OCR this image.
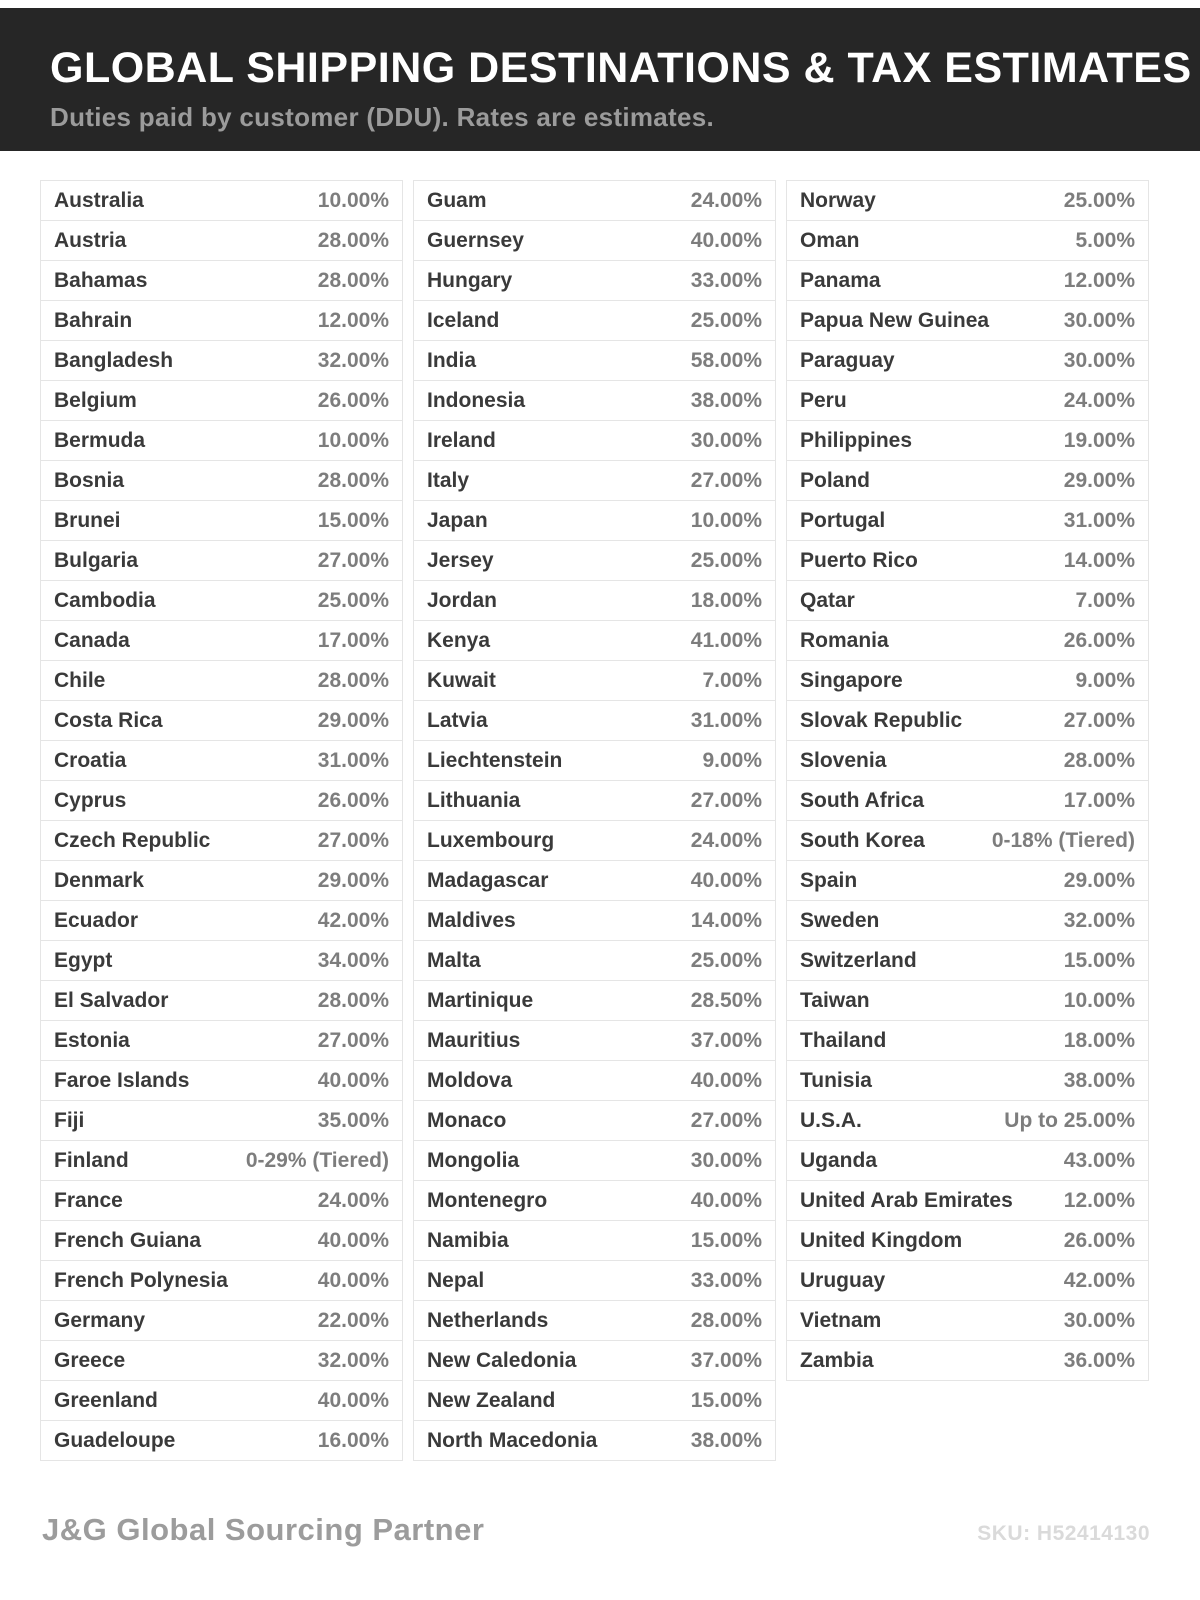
GLOBAL SHIPPING DESTINATIONS & TAX ESTIMATES
Duties paid by customer (DDU). Rates are estimates.
Australia	10.00%
Austria	28.00%
Bahamas	28.00%
Bahrain	12.00%
Bangladesh	32.00%
Belgium	26.00%
Bermuda	10.00%
Bosnia	28.00%
Brunei	15.00%
Bulgaria	27.00%
Cambodia	25.00%
Canada	17.00%
Chile	28.00%
Costa Rica	29.00%
Croatia	31.00%
Cyprus	26.00%
Czech Republic	27.00%
Denmark	29.00%
Ecuador	42.00%
Egypt	34.00%
El Salvador	28.00%
Estonia	27.00%
Faroe Islands	40.00%
Fiji	35.00%
Finland	0-29% (Tiered)
France	24.00%
French Guiana	40.00%
French Polynesia	40.00%
Germany	22.00%
Greece	32.00%
Greenland	40.00%
Guadeloupe	16.00%
Guam	24.00%
Guernsey	40.00%
Hungary	33.00%
Iceland	25.00%
India	58.00%
Indonesia	38.00%
Ireland	30.00%
Italy	27.00%
Japan	10.00%
Jersey	25.00%
Jordan	18.00%
Kenya	41.00%
Kuwait	7.00%
Latvia	31.00%
Liechtenstein	9.00%
Lithuania	27.00%
Luxembourg	24.00%
Madagascar	40.00%
Maldives	14.00%
Malta	25.00%
Martinique	28.50%
Mauritius	37.00%
Moldova	40.00%
Monaco	27.00%
Mongolia	30.00%
Montenegro	40.00%
Namibia	15.00%
Nepal	33.00%
Netherlands	28.00%
New Caledonia	37.00%
New Zealand	15.00%
North Macedonia	38.00%
Norway	25.00%
Oman	5.00%
Panama	12.00%
Papua New Guinea	30.00%
Paraguay	30.00%
Peru	24.00%
Philippines	19.00%
Poland	29.00%
Portugal	31.00%
Puerto Rico	14.00%
Qatar	7.00%
Romania	26.00%
Singapore	9.00%
Slovak Republic	27.00%
Slovenia	28.00%
South Africa	17.00%
South Korea	0-18% (Tiered)
Spain	29.00%
Sweden	32.00%
Switzerland	15.00%
Taiwan	10.00%
Thailand	18.00%
Tunisia	38.00%
U.S.A.	Up to 25.00%
Uganda	43.00%
United Arab Emirates 12.00%
United Kingdom	26.00%
Uruguay	42.00%
Vietnam	30.00%
Zambia	36.00%
J&G Global Sourcing Partner	SKU: H52414130
